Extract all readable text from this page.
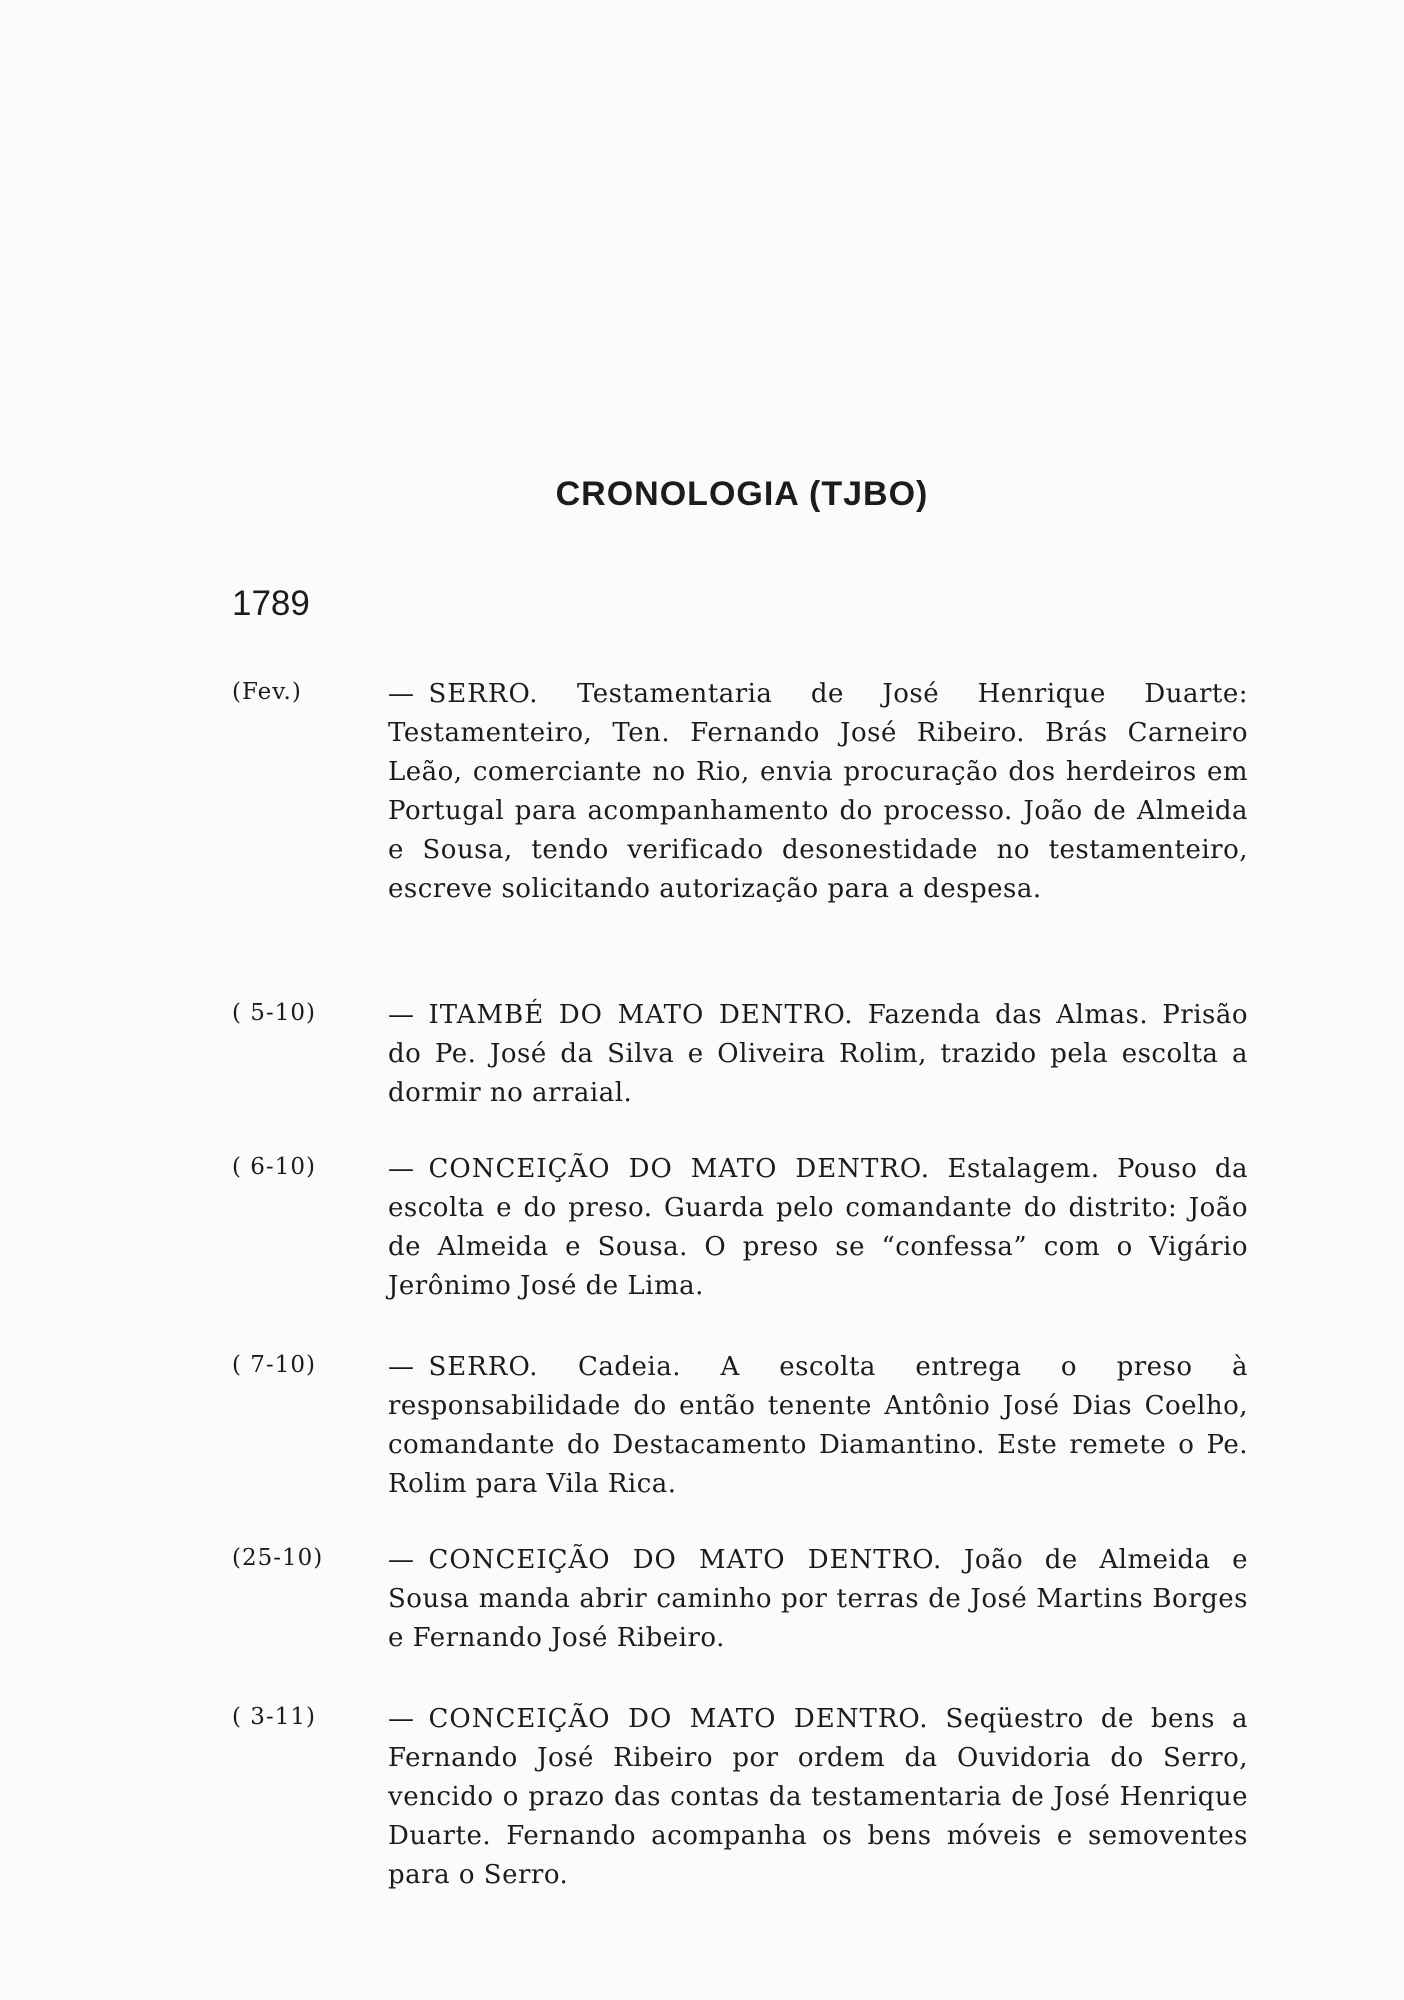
CRONOLOGIA (TJBO)
1789
(Fev.)	— SERRO. Testamentaria de José Henrique Duarte: Testamenteiro, Ten. Fernando José Ribeiro. Brás Carneiro Leão, comerciante no Rio, envia procuração dos herdeiros em Portugal para acompanhamento do processo. João de Almeida e Sousa, tendo verificado desonestidade no testamenteiro, escreve solicitando autorização para a despesa.

( 5-10)	— ITAMBÉ DO MATO DENTRO. Fazenda das Almas. Prisão do Pe. José da Silva e Oliveira Rolim, trazido pela escolta a dormir no arraial.

( 6-10)	— CONCEIÇÃO DO MATO DENTRO. Estalagem. Pouso da escolta e do preso. Guarda pelo comandante do distrito: João de Almeida e Sousa. O preso se “confessa” com o Vigário Jerônimo José de Lima.

( 7-10)	— SERRO. Cadeia. A escolta entrega o preso à responsabilidade do então tenente Antônio José Dias Coelho, comandante do Destacamento Diamantino. Este remete o Pe. Rolim para Vila Rica.

(25-10) — CONCEIÇÃO DO MATO DENTRO. João de Almeida e Sousa manda abrir caminho por terras de José Martins Borges e Fernando José Ribeiro.

( 3-11)	— CONCEIÇÃO DO MATO DENTRO. Seqüestro de bens a Fernando José Ribeiro por ordem da Ouvidoria do Serro, vencido o prazo das contas da testamentaria de José Henrique Duarte. Fernando acompanha os bens móveis e semoventes para o Serro.
